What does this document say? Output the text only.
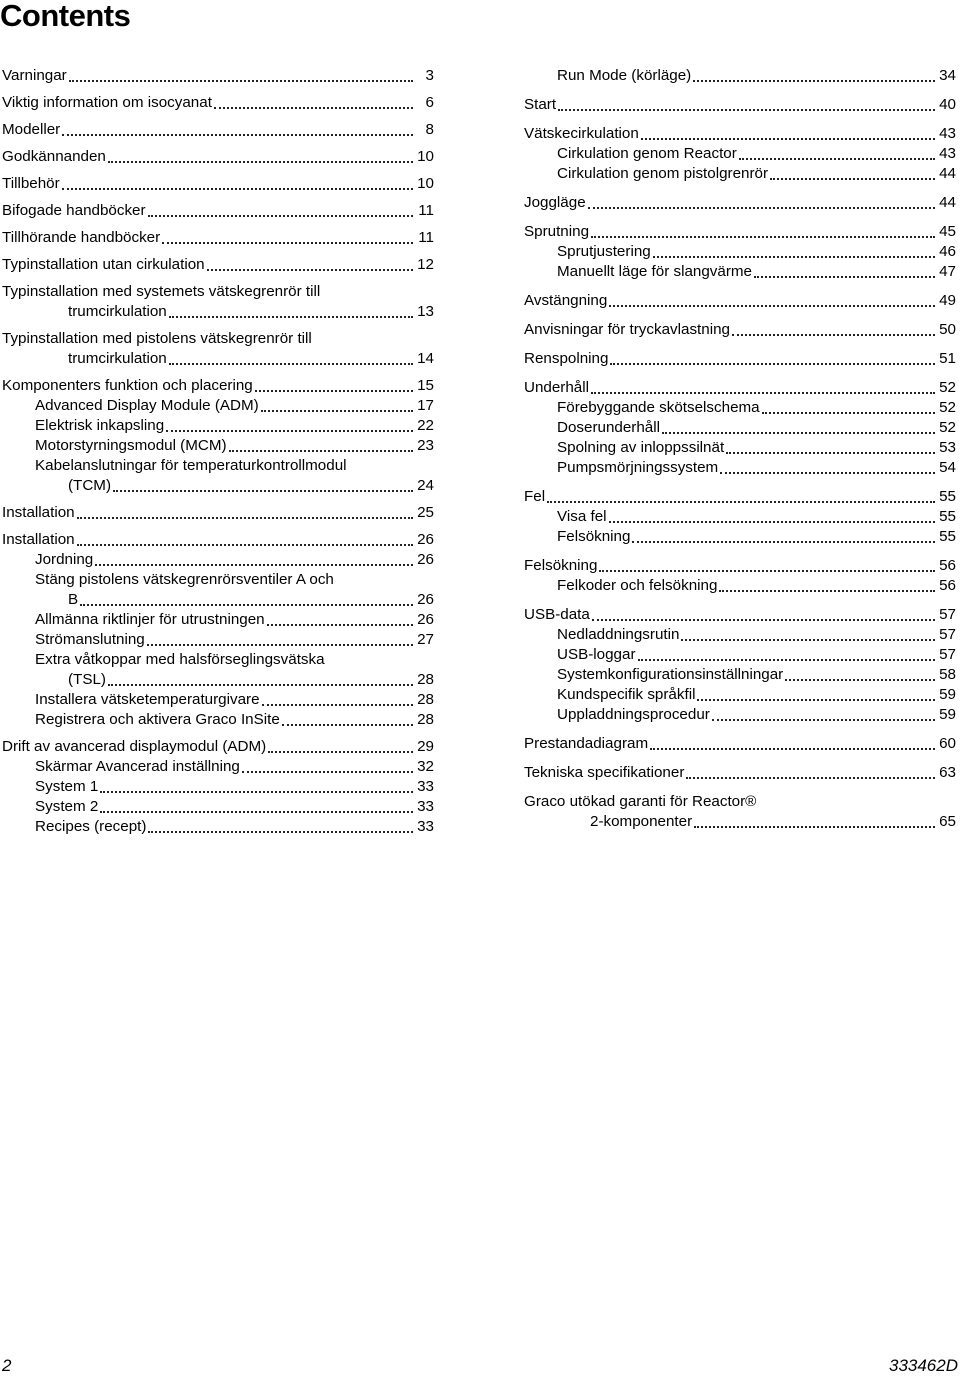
Contents
Varningar	3
Viktig information om isocyanat	6
Modeller	8
Godkännanden	10
Tillbehör	10
Bifogade handböcker	11
Tillhörande handböcker	11
Typinstallation utan cirkulation	12
Typinstallation med systemets vätskegrenrör till
trumcirkulation	13
Typinstallation med pistolens vätskegrenrör till
trumcirkulation	14
Komponenters funktion och placering	15
Advanced Display Module (ADM)	17
Elektrisk inkapsling	22
Motorstyrningsmodul (MCM)	23
Kabelanslutningar för temperaturkontrollmodul
(TCM)	24
Installation	25
Installation	26
Jordning	26
Stäng pistolens vätskegrenrörsventiler A och
B	26
Allmänna riktlinjer för utrustningen	26
Strömanslutning	27
Extra våtkoppar med halsförseglingsvätska
(TSL)	28
Installera vätsketemperaturgivare	28
Registrera och aktivera Graco InSite	28
Drift av avancerad displaymodul (ADM)	29
Skärmar Avancerad inställning	32
System 1	33
System 2	33
Recipes (recept)	33
Run Mode (körläge)	34
Start	40
Vätskecirkulation	43
Cirkulation genom Reactor	43
Cirkulation genom pistolgrenrör	44
Joggläge	44
Sprutning	45
Sprutjustering	46
Manuellt läge för slangvärme	47
Avstängning	49
Anvisningar för tryckavlastning	50
Renspolning	51
Underhåll	52
Förebyggande skötselschema	52
Doserunderhåll	52
Spolning av inloppssilnät	53
Pumpsmörjningssystem	54
Fel	55
Visa fel	55
Felsökning	55
Felsökning	56
Felkoder och felsökning	56
USB-data	57
Nedladdningsrutin	57
USB-loggar	57
Systemkonfigurationsinställningar	58
Kundspecifik språkfil	59
Uppladdningsprocedur	59
Prestandadiagram	60
Tekniska specifikationer	63
Graco utökad garanti för Reactor®
2-komponenter	65
2	333462D
